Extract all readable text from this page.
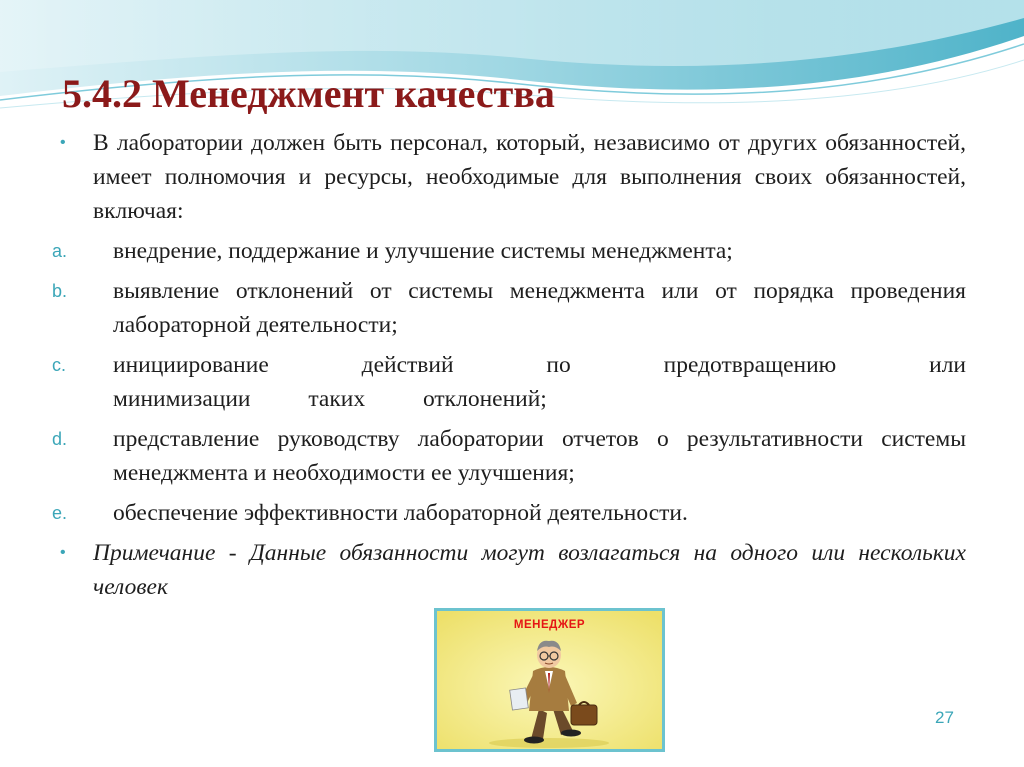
5.4.2 Менеджмент качества
• В лаборатории должен быть персонал, который, независимо от других обязанностей, имеет полномочия и ресурсы, необходимые для выполнения своих обязанностей, включая:
a. внедрение, поддержание и улучшение системы менеджмента;
b. выявление отклонений от системы менеджмента или от порядка проведения лабораторной деятельности;
c. инициирование действий по предотвращению или
минимизации таких отклонений;
d. представление руководству лаборатории отчетов о результативности системы менеджмента и необходимости ее улучшения;
e. обеспечение эффективности лабораторной деятельности.
• Примечание - Данные обязанности могут возлагаться на одного или нескольких человек
МЕНЕДЖЕР
27
